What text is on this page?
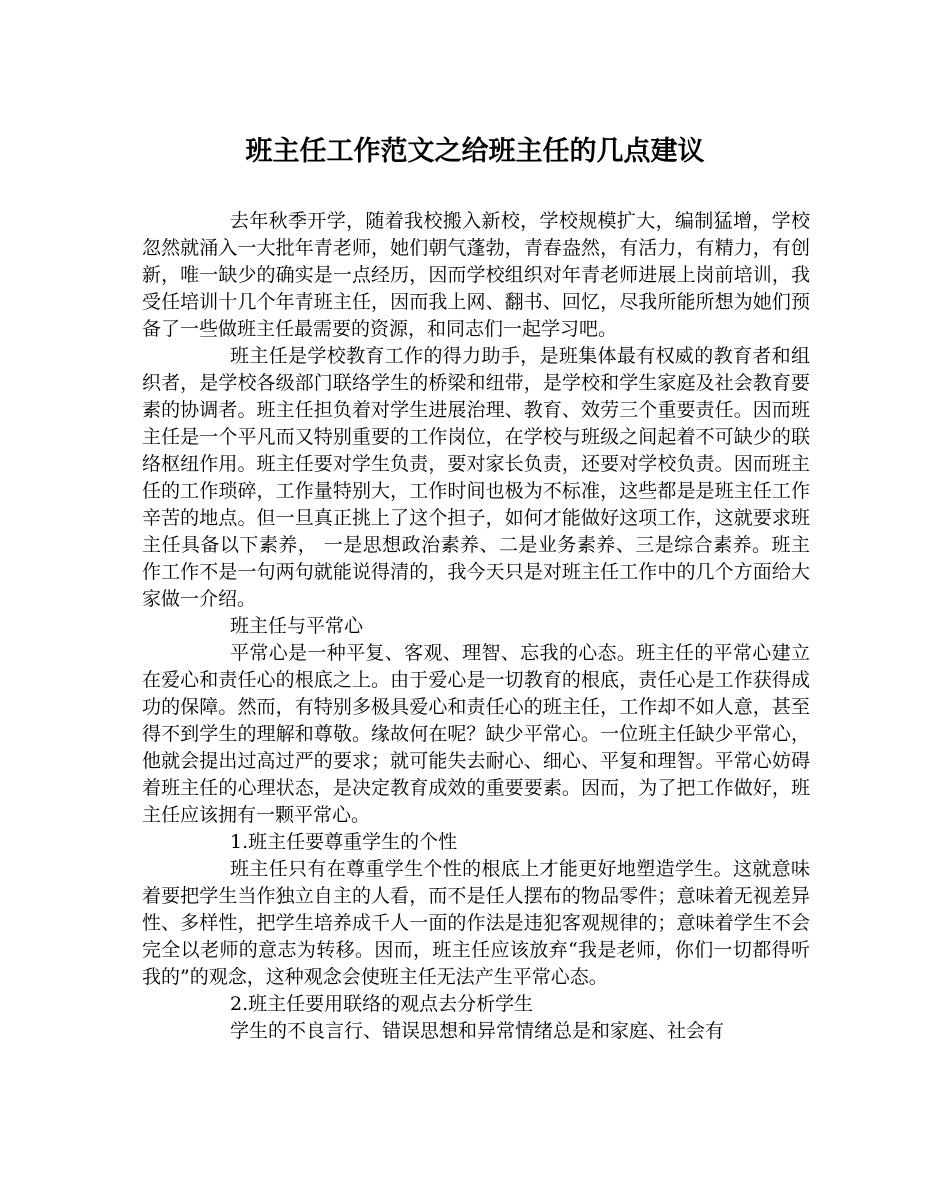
班主任工作范文之给班主任的几点建议

去年秋季开学，随着我校搬入新校，学校规模扩大，编制猛增，学校忽然就涌入一大批年青老师，她们朝气蓬勃，青春盎然，有活力，有精力，有创新，唯一缺少的确实是一点经历，因而学校组织对年青老师进展上岗前培训，我受任培训十几个年青班主任，因而我上网、翻书、回忆，尽我所能所想为她们预备了一些做班主任最需要的资源，和同志们一起学习吧。

班主任是学校教育工作的得力助手，是班集体最有权威的教育者和组织者，是学校各级部门联络学生的桥梁和纽带，是学校和学生家庭及社会教育要素的协调者。班主任担负着对学生进展治理、教育、效劳三个重要责任。因而班主任是一个平凡而又特别重要的工作岗位，在学校与班级之间起着不可缺少的联络枢纽作用。班主任要对学生负责，要对家长负责，还要对学校负责。因而班主任的工作琐碎，工作量特别大，工作时间也极为不标准，这些都是是班主任工作辛苦的地点。但一旦真正挑上了这个担子，如何才能做好这项工作，这就要求班主任具备以下素养， 一是思想政治素养、二是业务素养、三是综合素养。班主作工作不是一句两句就能说得清的，我今天只是对班主任工作中的几个方面给大家做一介绍。

班主任与平常心

平常心是一种平复、客观、理智、忘我的心态。班主任的平常心建立在爱心和责任心的根底之上。由于爱心是一切教育的根底，责任心是工作获得成功的保障。然而，有特别多极具爱心和责任心的班主任，工作却不如人意，甚至得不到学生的理解和尊敬。缘故何在呢？缺少平常心。一位班主任缺少平常心，他就会提出过高过严的要求；就可能失去耐心、细心、平复和理智。平常心妨碍着班主任的心理状态，是决定教育成效的重要要素。因而，为了把工作做好，班主任应该拥有一颗平常心。

1.班主任要尊重学生的个性

班主任只有在尊重学生个性的根底上才能更好地塑造学生。这就意味着要把学生当作独立自主的人看，而不是任人摆布的物品零件；意味着无视差异性、多样性，把学生培养成千人一面的作法是违犯客观规律的；意味着学生不会完全以老师的意志为转移。因而，班主任应该放弃“我是老师，你们一切都得听我的”的观念，这种观念会使班主任无法产生平常心态。

2.班主任要用联络的观点去分析学生

学生的不良言行、错误思想和异常情绪总是和家庭、社会有
